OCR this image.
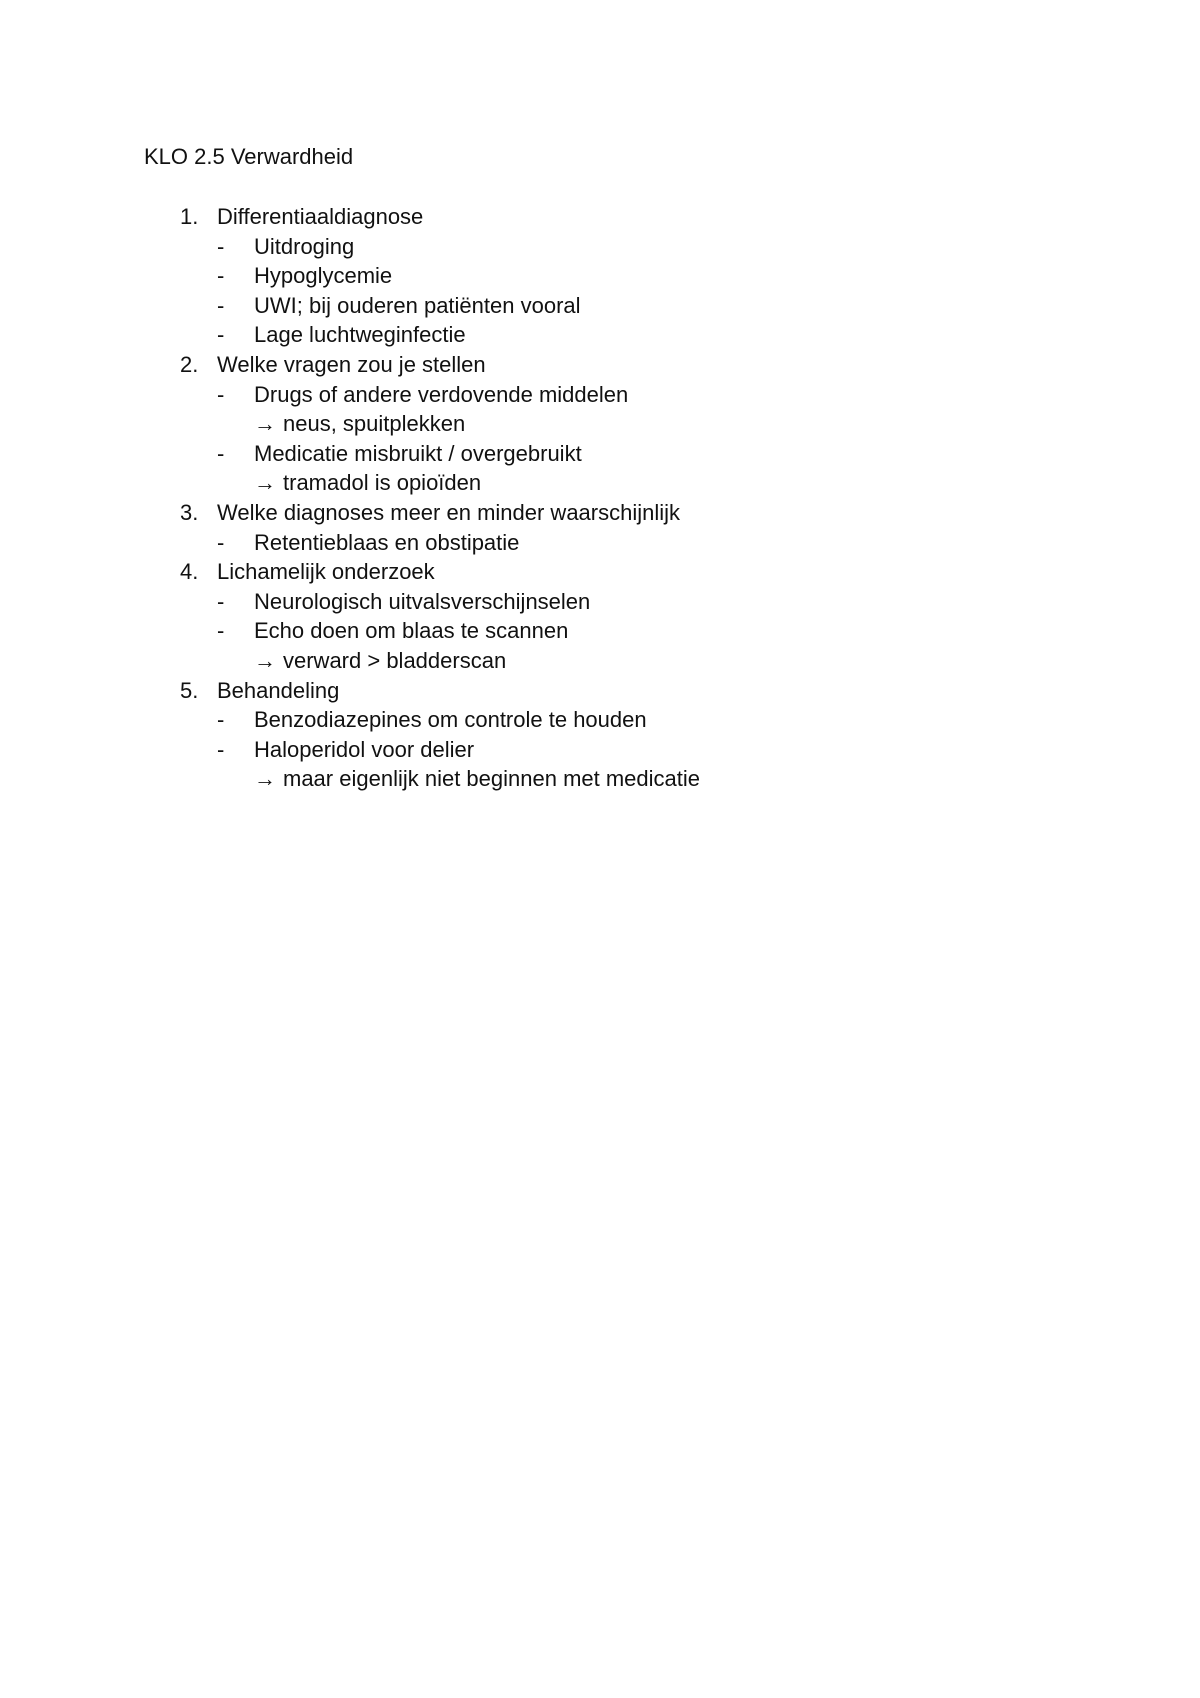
KLO 2.5 Verwardheid
1. Differentiaaldiagnose
- Uitdroging
- Hypoglycemie
- UWI; bij ouderen patiënten vooral
- Lage luchtweginfectie
2. Welke vragen zou je stellen
- Drugs of andere verdovende middelen
→ neus, spuitplekken
- Medicatie misbruikt / overgebruikt
→ tramadol is opioïden
3. Welke diagnoses meer en minder waarschijnlijk
- Retentieblaas en obstipatie
4. Lichamelijk onderzoek
- Neurologisch uitvalsverschijnselen
- Echo doen om blaas te scannen
→ verward > bladderscan
5. Behandeling
- Benzodiazepines om controle te houden
- Haloperidol voor delier
→ maar eigenlijk niet beginnen met medicatie
